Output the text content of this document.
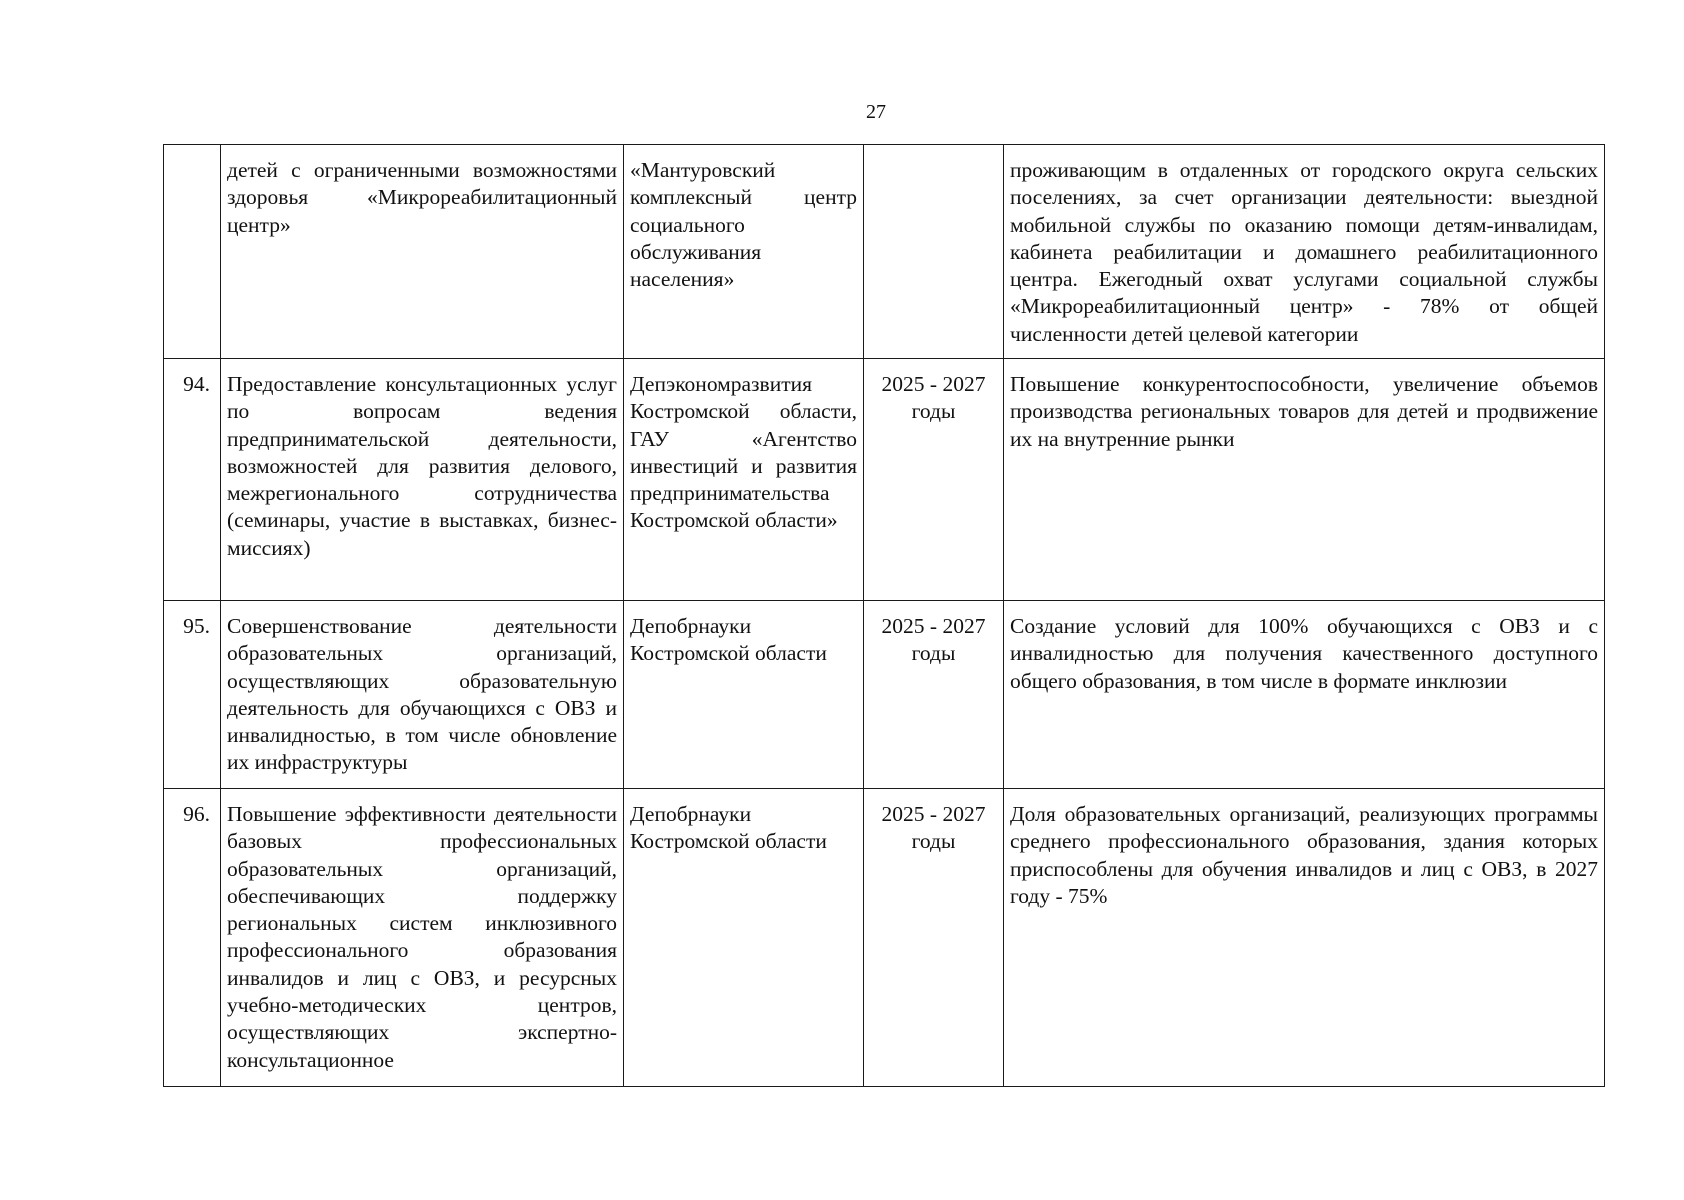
27
	детей с ограниченными возможностями здоровья «Микрореабилитационный центр»	«Мантуровский комплексный центр социального обслуживания населения»		проживающим в отдаленных от городского округа сельских поселениях, за счет организации деятельности: выездной мобильной службы по оказанию помощи детям-инвалидам, кабинета реабилитации и домашнего реабилитационного центра. Ежегодный охват услугами социальной службы «Микрореабилитационный центр» - 78% от общей численности детей целевой категории
94.	Предоставление консультационных услуг по вопросам ведения предпринимательской деятельности, возможностей для развития делового, межрегионального сотрудничества (семинары, участие в выставках, бизнес-миссиях)	Депэкономразвития Костромской области, ГАУ «Агентство инвестиций и развития предпринимательства Костромской области»	2025 - 2027 годы	Повышение конкурентоспособности, увеличение объемов производства региональных товаров для детей и продвижение их на внутренние рынки
95.	Совершенствование деятельности образовательных организаций, осуществляющих образовательную деятельность для обучающихся с ОВЗ и инвалидностью, в том числе обновление их инфраструктуры	Депобрнауки Костромской области	2025 - 2027 годы	Создание условий для 100% обучающихся с ОВЗ и с инвалидностью для получения качественного доступного общего образования, в том числе в формате инклюзии
96.	Повышение эффективности деятельности базовых профессиональных образовательных организаций, обеспечивающих поддержку региональных систем инклюзивного профессионального образования инвалидов и лиц с ОВЗ, и ресурсных учебно-методических центров, осуществляющих экспертно-консультационное	Депобрнауки Костромской области	2025 - 2027 годы	Доля образовательных организаций, реализующих программы среднего профессионального образования, здания которых приспособлены для обучения инвалидов и лиц с ОВЗ, в 2027 году - 75%
